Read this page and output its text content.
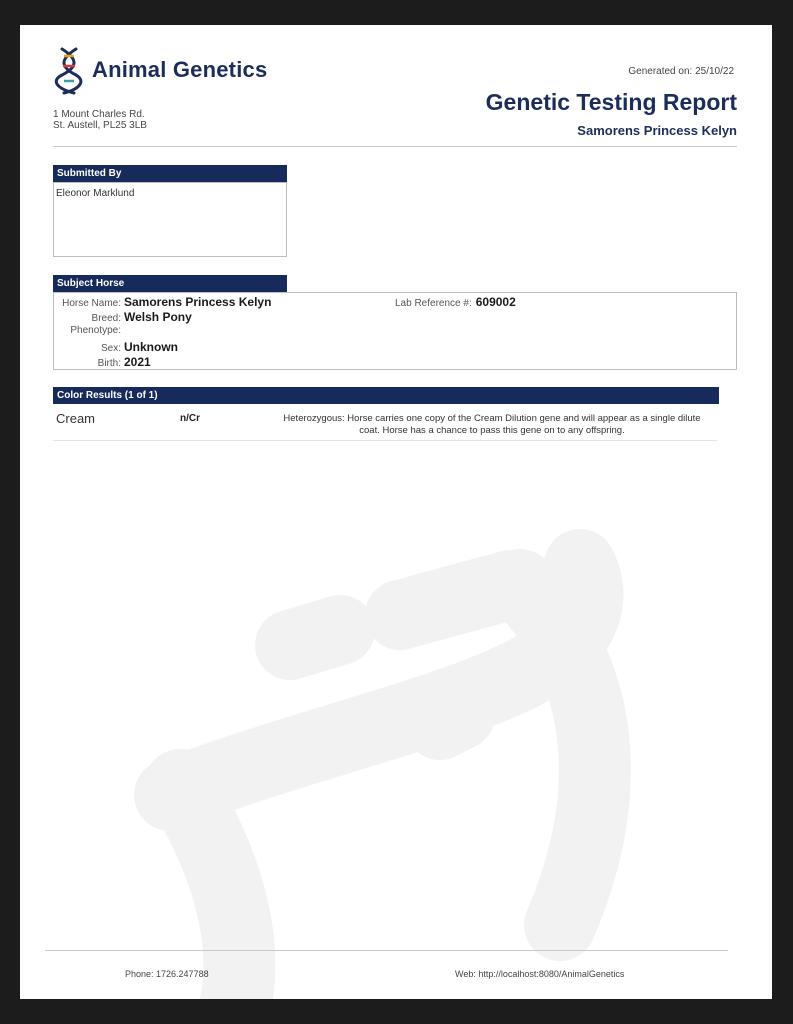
Animal Genetics
1 Mount Charles Rd.
St. Austell, PL25 3LB
Generated on: 25/10/22
Genetic Testing Report
Samorens Princess Kelyn
Submitted By
Eleonor Marklund
Subject Horse
Horse Name: Samorens Princess Kelyn
Breed: Welsh Pony
Phenotype:
Sex: Unknown
Birth: 2021
Lab Reference #: 609002
Color Results (1 of 1)
Cream	n/Cr	Heterozygous: Horse carries one copy of the Cream Dilution gene and will appear as a single dilute coat. Horse has a chance to pass this gene on to any offspring.
Phone: 1726.247788	Web: http://localhost:8080/AnimalGenetics
